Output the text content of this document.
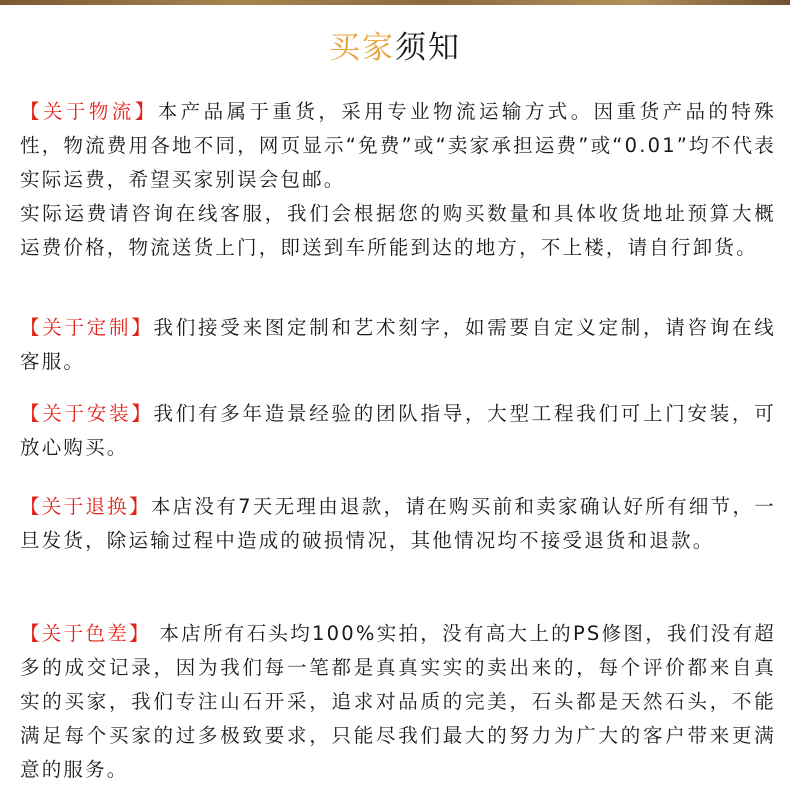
买家须知

【关于物流】本产品属于重货，采用专业物流运输方式。因重货产品的特殊性，物流费用各地不同，网页显示“免费”或“卖家承担运费”或“0.01”均不代表实际运费，希望买家别误会包邮。
实际运费请咨询在线客服，我们会根据您的购买数量和具体收货地址预算大概运费价格，物流送货上门，即送到车所能到达的地方，不上楼，请自行卸货。

【关于定制】我们接受来图定制和艺术刻字，如需要自定义定制，请咨询在线客服。

【关于安装】我们有多年造景经验的团队指导，大型工程我们可上门安装，可放心购买。

【关于退换】本店没有7天无理由退款，请在购买前和卖家确认好所有细节，一旦发货，除运输过程中造成的破损情况，其他情况均不接受退货和退款。

【关于色差】 本店所有石头均100%实拍，没有高大上的PS修图，我们没有超多的成交记录，因为我们每一笔都是真真实实的卖出来的，每个评价都来自真实的买家，我们专注山石开采，追求对品质的完美，石头都是天然石头，不能满足每个买家的过多极致要求，只能尽我们最大的努力为广大的客户带来更满意的服务。
